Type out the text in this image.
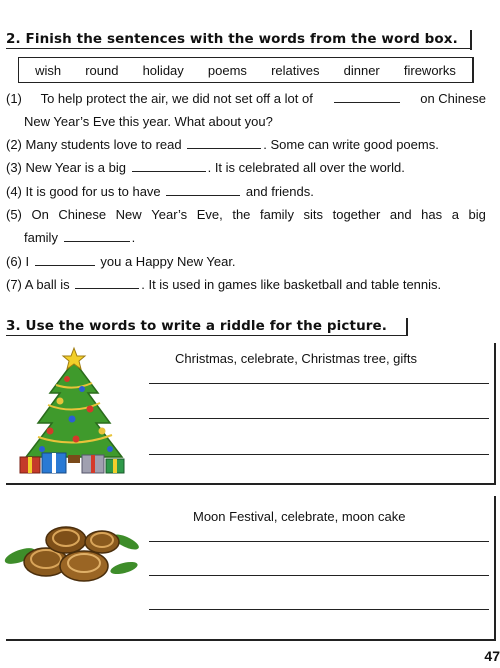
2. Finish the sentences with the words from the word box.
wish round holiday poems relatives dinner fireworks
(1) To help protect the air, we did not set off a lot of	on Chinese
New Year’s Eve this year. What about you?
(2) Many students love to read	. Some can write good poems.
(3) New Year is a big	. It is celebrated all over the world.
(4) It is good for us to have	and friends.
(5) On Chinese New Year’s Eve, the family sits together and has a big
family	.
(6) I	you a Happy New Year.
(7) A ball is	. It is used in games like basketball and table tennis.
3. Use the words to write a riddle for the picture.
Christmas, celebrate, Christmas tree, gifts
Moon Festival, celebrate, moon cake
47
